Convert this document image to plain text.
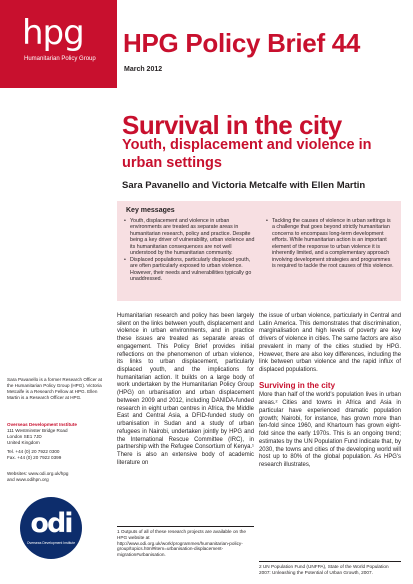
hpg
Humanitarian Policy Group
HPG Policy Brief 44
March 2012
Survival in the city
Youth, displacement and violence in urban settings
Sara Pavanello and Victoria Metcalfe with Ellen Martin
Key messages
• Youth, displacement and violence in urban environments are treated as separate areas in humanitarian research, policy and practice. Despite being a key driver of vulnerability, urban violence and its humanitarian consequences are not well understood by the humanitarian community.
• Displaced populations, particularly displaced youth, are often particularly exposed to urban violence. However, their needs and vulnerabilities typically go unaddressed.
• Tackling the causes of violence in urban settings is a challenge that goes beyond strictly humanitarian concerns to encompass long-term development efforts. While humanitarian action is an important element of the response to urban violence it is inherently limited, and a complementary approach involving development strategies and programmes is required to tackle the root causes of this violence.
Sara Pavanello is a former Research Officer at the Humanitarian Policy Group (HPG). Victoria Metcalfe is a Research Fellow at HPG. Ellen Martin is a Research Officer at HPG.
Overseas Development Institute
111 Westminster Bridge Road
London SE1 7JD
United Kingdom
Tel. +44 (0) 20 7922 0300
Fax. +44 (0) 20 7922 0399
Websites: www.odi.org.uk/hpg
and www.odihpn.org
odi
Overseas Development Institute

Humanitarian research and policy has been largely silent on the links between youth, displacement and violence in urban environments, and in practice these issues are treated as separate areas of engagement. This Policy Brief provides initial reflections on the phenomenon of urban violence, its links to urban displacement, particularly displaced youth, and the implications for humanitarian action. It builds on a large body of work undertaken by the Humanitarian Policy Group (HPG) on urbanisation and urban displacement between 2009 and 2012, including DANIDA-funded research in eight urban centres in Africa, the Middle East and Central Asia, a DFID-funded study on urbanisation in Sudan and a study of urban refugees in Nairobi, undertaken jointly by HPG and the International Rescue Committee (IRC), in partnership with the Refugee Consortium of Kenya.¹ There is also an extensive body of academic literature on

the issue of urban violence, particularly in Central and Latin America. This demonstrates that discrimination, marginalisation and high levels of poverty are key drivers of violence in cities. The same factors are also prevalent in many of the cities studied by HPG. However, there are also key differences, including the link between urban violence and the rapid influx of displaced populations.

Surviving in the city

More than half of the world's population lives in urban areas.² Cities and towns in Africa and Asia in particular have experienced dramatic population growth; Nairobi, for instance, has grown more than ten-fold since 1960, and Khartoum has grown eight-fold since the early 1970s. This is an ongoing trend; estimates by the UN Population Fund indicate that, by 2030, the towns and cities of the developing world will host up to 80% of the global population. As HPG's research illustrates,

1 Outputs of all of these research projects are available on the HPG website at http://www.odi.org.uk/work/programmes/humanitarian-policy-group/topics.html#item=urbanisation-displacement-migration#urbanisation.
2 UN Population Fund (UNFPA), State of the World Population 2007: Unleashing the Potential of Urban Growth, 2007.
